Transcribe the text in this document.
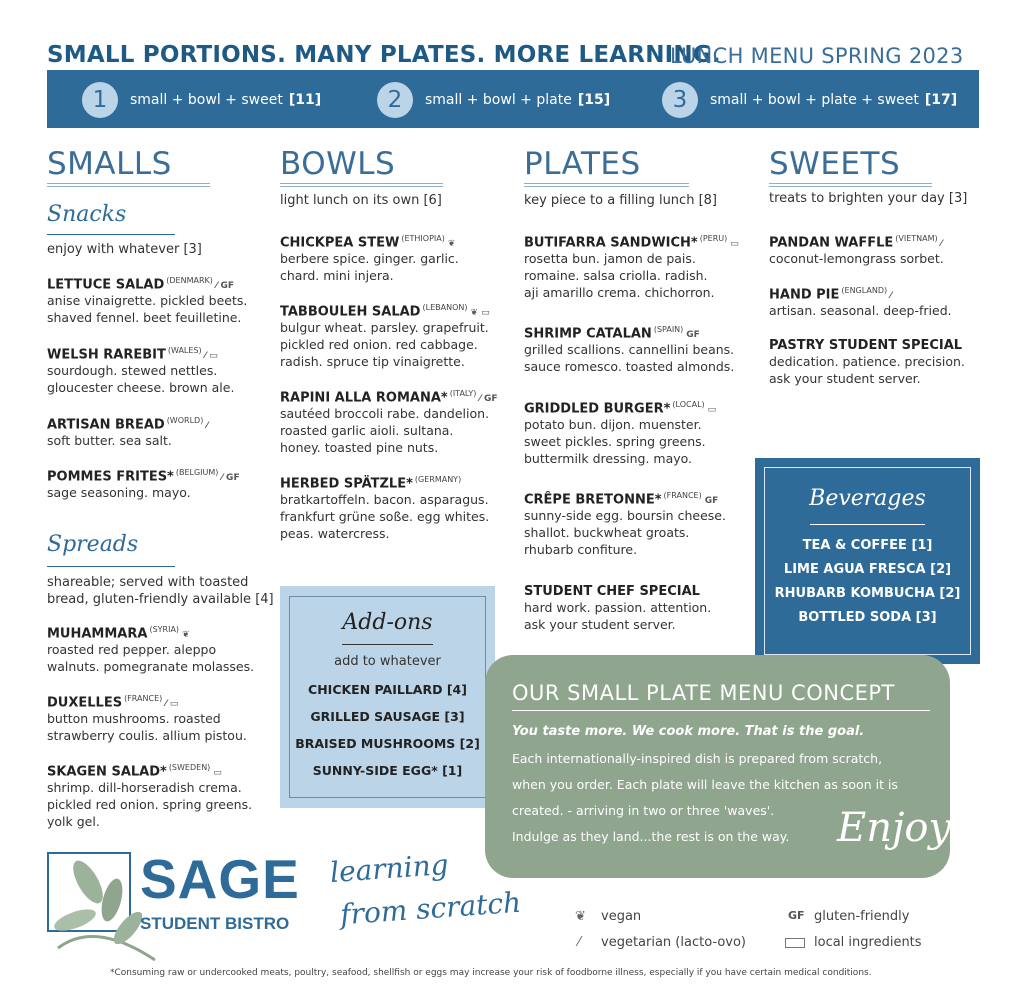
SMALL PORTIONS. MANY PLATES. MORE LEARNING.
LUNCH MENU SPRING 2023
1	small + bowl + sweet [11]	2	small + bowl + plate [15]	3	small + bowl + plate + sweet [17]
SMALLS
Snacks
enjoy with whatever [3]
LETTUCE SALAD $^{(DENMARK)}$⁄ GF
anise vinaigrette. pickled beets.
shaved fennel. beet feuilletine.
WELSH RAREBIT $^{(WALES)}$⁄ ▭
sourdough. stewed nettles.
gloucester cheese. brown ale.
ARTISAN BREAD $^{(WORLD)}$⁄
soft butter. sea salt.
POMMES FRITES* $^{(BELGIUM)}$⁄ GF
sage seasoning. mayo.
Spreads
shareable; served with toasted
bread, gluten-friendly available [4]
MUHAMMARA $^{(SYRIA)}$❦
roasted red pepper. aleppo
walnuts. pomegranate molasses.
DUXELLES $^{(FRANCE)}$⁄ ▭
button mushrooms. roasted
strawberry coulis. allium pistou.
SKAGEN SALAD* $^{(SWEDEN)}$▭
shrimp. dill-horseradish crema.
pickled red onion. spring greens.
yolk gel.
BOWLS
light lunch on its own [6]
CHICKPEA STEW $^{(ETHIOPIA)}$❦
berbere spice. ginger. garlic.
chard. mini injera.
TABBOULEH SALAD $^{(LEBANON)}$❦ ▭
bulgur wheat. parsley. grapefruit.
pickled red onion. red cabbage.
radish. spruce tip vinaigrette.
RAPINI ALLA ROMANA* $^{(ITALY)}$⁄ GF
sautéed broccoli rabe. dandelion.
roasted garlic aioli. sultana.
honey. toasted pine nuts.
HERBED SPÄTZLE* $^{(GERMANY)}$
bratkartoffeln. bacon. asparagus.
frankfurt grüne soße. egg whites.
peas. watercress.
Add-ons
add to whatever
CHICKEN PAILLARD [4]
GRILLED SAUSAGE [3]
BRAISED MUSHROOMS [2]
SUNNY-SIDE EGG* [1]
PLATES
key piece to a filling lunch [8]
BUTIFARRA SANDWICH* $^{(PERU)}$▭
rosetta bun. jamon de pais.
romaine. salsa criolla. radish.
aji amarillo crema. chichorron.
SHRIMP CATALAN $^{(SPAIN)}$GF
grilled scallions. cannellini beans.
sauce romesco. toasted almonds.
GRIDDLED BURGER* $^{(LOCAL)}$▭
potato bun. dijon. muenster.
sweet pickles. spring greens.
buttermilk dressing. mayo.
CRÊPE BRETONNE* $^{(FRANCE)}$GF
sunny-side egg. boursin cheese.
shallot. buckwheat groats.
rhubarb confiture.
STUDENT CHEF SPECIAL
hard work. passion. attention.
ask your student server.
SWEETS
treats to brighten your day [3]
PANDAN WAFFLE $^{(VIETNAM)}$⁄
coconut-lemongrass sorbet.
HAND PIE $^{(ENGLAND)}$⁄
artisan. seasonal. deep-fried.
PASTRY STUDENT SPECIAL
dedication. patience. precision.
ask your student server.
Beverages
TEA & COFFEE [1]
LIME AGUA FRESCA [2]
RHUBARB KOMBUCHA [2]
BOTTLED SODA [3]
OUR SMALL PLATE MENU CONCEPT
You taste more. We cook more. That is the goal.
Each internationally-inspired dish is prepared from scratch,
when you order. Each plate will leave the kitchen as soon it is
created. - arriving in two or three 'waves'.
Indulge as they land...the rest is on the way. Enjoy
SAGE
STUDENT BISTRO
learning
from scratch	❦ vegan
⁄ vegetarian (lacto-ovo)
GF gluten-friendly
local ingredients
*Consuming raw or undercooked meats, poultry, seafood, shellfish or eggs may increase your risk of foodborne illness, especially if you have certain medical conditions.
